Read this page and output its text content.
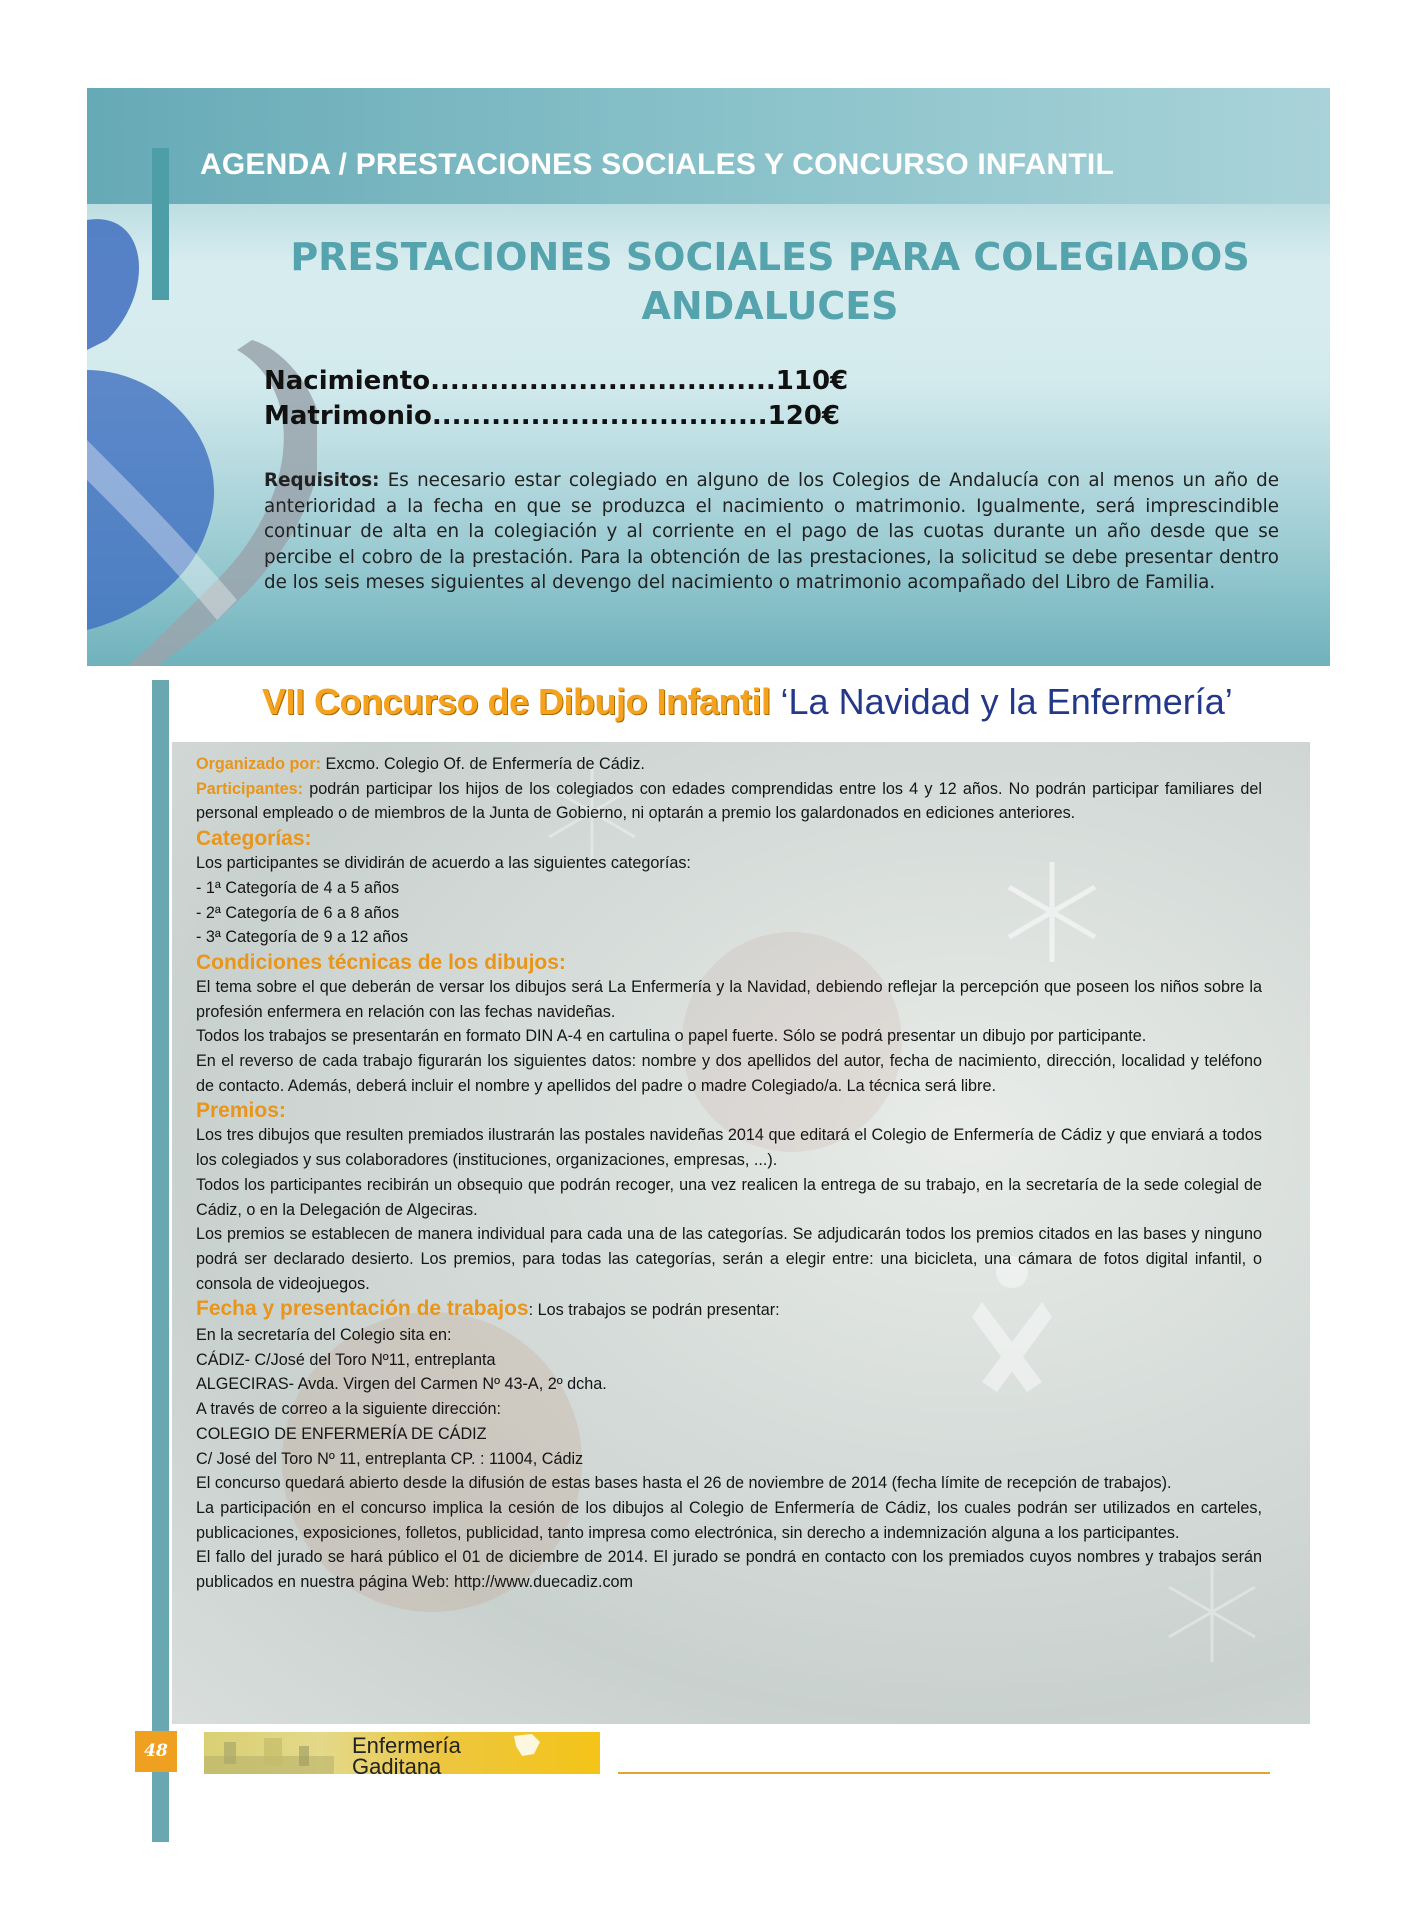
AGENDA / PRESTACIONES SOCIALES Y CONCURSO INFANTIL
PRESTACIONES SOCIALES PARA COLEGIADOS
ANDALUCES
Nacimiento...................................110€
Matrimonio..................................120€
Requisitos: Es necesario estar colegiado en alguno de los Colegios de Andalucía con al menos un año de anterioridad a la fecha en que se produzca el nacimiento o matrimonio. Igualmente, será imprescindible continuar de alta en la colegiación y al corriente en el pago de las cuotas durante un año desde que se percibe el cobro de la prestación. Para la obtención de las prestaciones, la solicitud se debe presentar dentro de los seis meses siguientes al devengo del nacimiento o matrimonio acompañado del Libro de Familia.
VII Concurso de Dibujo Infantil ‘La Navidad y la Enfermería’

Organizado por: Excmo. Colegio Of. de Enfermería de Cádiz.

Participantes: podrán participar los hijos de los colegiados con edades comprendidas entre los 4 y 12 años. No podrán participar familiares del personal empleado o de miembros de la Junta de Gobierno, ni optarán a premio los galardonados en ediciones anteriores.

Categorías:

Los participantes se dividirán de acuerdo a las siguientes categorías:

- 1ª Categoría de 4 a 5 años

- 2ª Categoría de 6 a 8 años

- 3ª Categoría de 9 a 12 años

Condiciones técnicas de los dibujos:

El tema sobre el que deberán de versar los dibujos será La Enfermería y la Navidad, debiendo reflejar la percepción que poseen los niños sobre la profesión enfermera en relación con las fechas navideñas.

Todos los trabajos se presentarán en formato DIN A-4 en cartulina o papel fuerte. Sólo se podrá presentar un dibujo por participante.

En el reverso de cada trabajo figurarán los siguientes datos: nombre y dos apellidos del autor, fecha de nacimiento, dirección, localidad y teléfono de contacto. Además, deberá incluir el nombre y apellidos del padre o madre Colegiado/a. La técnica será libre.

Premios:

Los tres dibujos que resulten premiados ilustrarán las postales navideñas 2014 que editará el Colegio de Enfermería de Cádiz y que enviará a todos los colegiados y sus colaboradores (instituciones, organizaciones, empresas, ...).

Todos los participantes recibirán un obsequio que podrán recoger, una vez realicen la entrega de su trabajo, en la secretaría de la sede colegial de Cádiz, o en la Delegación de Algeciras.

Los premios se establecen de manera individual para cada una de las categorías. Se adjudicarán todos los premios citados en las bases y ninguno podrá ser declarado desierto. Los premios, para todas las categorías, serán a elegir entre: una bicicleta, una cámara de fotos digital infantil, o consola de videojuegos.

Fecha y presentación de trabajos: Los trabajos se podrán presentar:

En la secretaría del Colegio sita en:

CÁDIZ- C/José del Toro Nº11, entreplanta

ALGECIRAS- Avda. Virgen del Carmen Nº 43-A, 2º dcha.

A través de correo a la siguiente dirección:

COLEGIO DE ENFERMERÍA DE CÁDIZ

C/ José del Toro Nº 11, entreplanta CP. : 11004, Cádiz

El concurso quedará abierto desde la difusión de estas bases hasta el 26 de noviembre de 2014 (fecha límite de recepción de trabajos).

La participación en el concurso implica la cesión de los dibujos al Colegio de Enfermería de Cádiz, los cuales podrán ser utilizados en carteles, publicaciones, exposiciones, folletos, publicidad, tanto impresa como electrónica, sin derecho a indemnización alguna a los participantes.

El fallo del jurado se hará público el 01 de diciembre de 2014. El jurado se pondrá en contacto con los premiados cuyos nombres y trabajos serán publicados en nuestra página Web: http://www.duecadiz.com

48	Enfermería
Gaditana
